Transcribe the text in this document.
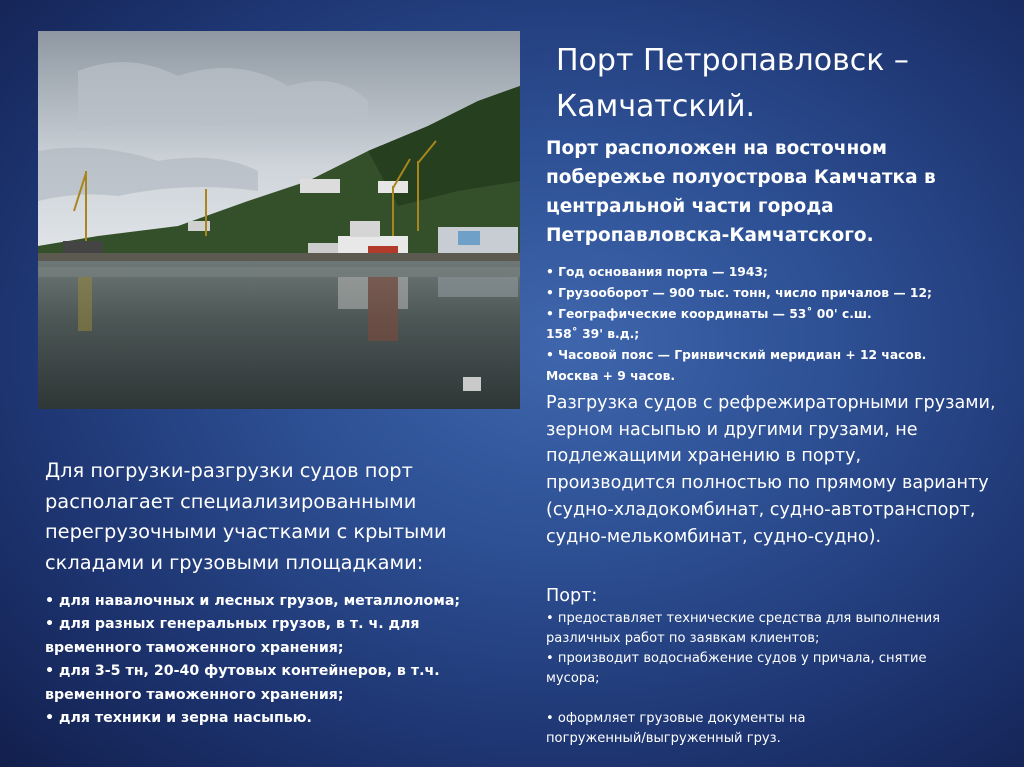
Порт Петропавловск –
Камчатский.
Порт расположен на восточном побережье полуострова Камчатка в центральной части города Петропавловска-Камчатского.
• Год основания порта — 1943;
• Грузооборот — 900 тыс. тонн, число причалов — 12;
• Географические координаты — 53˚ 00' с.ш.
158˚ 39' в.д.;
• Часовой пояс — Гринвичский меридиан + 12 часов.
Москва + 9 часов.
Разгрузка судов с рефрежираторными грузами, зерном насыпью и другими грузами, не подлежащими хранению в порту, производится полностью по прямому варианту (судно-хладокомбинат, судно-автотранспорт, судно-мелькомбинат, судно-судно).
Порт:
• предоставляет технические средства для выполнения
различных работ по заявкам клиентов;
• производит водоснабжение судов у причала, снятие
мусора;
• оформляет грузовые документы на
погруженный/выгруженный груз.
Для погрузки-разгрузки судов порт располагает специализированными перегрузочными участками с крытыми складами и грузовыми площадками:
• для навалочных и лесных грузов, металлолома;
• для разных генеральных грузов, в т. ч. для
временного таможенного хранения;
• для 3-5 тн, 20-40 футовых контейнеров, в т.ч.
временного таможенного хранения;
• для техники и зерна насыпью.
